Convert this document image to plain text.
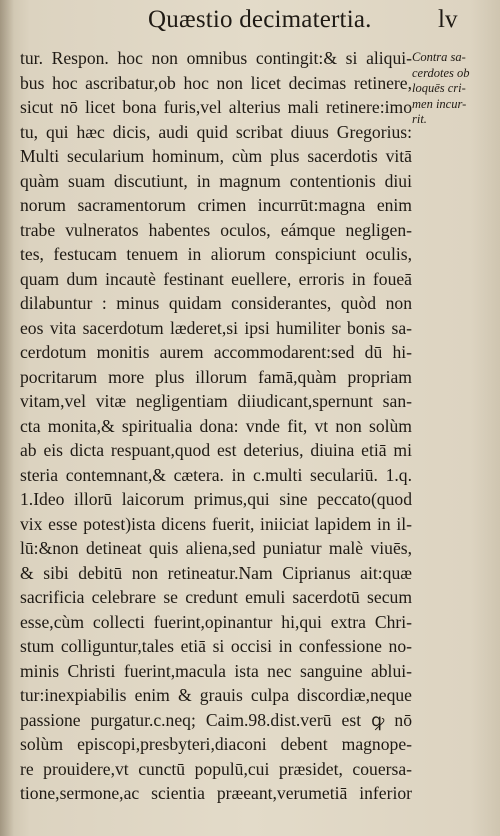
Quæstio decimatertia.	lv
tur. Respon. hoc non omnibus contingit:& si aliqui-
bus hoc ascribatur,ob hoc non licet decimas retinere,
sicut nō licet bona furis,vel alterius mali retinere:imo
tu, qui hæc dicis, audi quid scribat diuus Gregorius:
Multi secularium hominum, cùm plus sacerdotis vitā
quàm suam discutiunt, in magnum contentionis diui
norum sacramentorum crimen incurrūt:magna enim
trabe vulneratos habentes oculos, eámque negligen-
tes, festucam tenuem in aliorum conspiciunt oculis,
quam dum incautè festinant euellere, erroris in foueā
dilabuntur : minus quidam considerantes, quòd non
eos vita sacerdotum læderet,si ipsi humiliter bonis sa-
cerdotum monitis aurem accommodarent:sed dū hi-
pocritarum more plus illorum famā,quàm propriam
vitam,vel vitæ negligentiam diiudicant,spernunt san-
cta monita,& spiritualia dona: vnde fit, vt non solùm
ab eis dicta respuant,quod est deterius, diuina etiā mi
steria contemnant,& cætera. in c.multi seculariū. 1.q.
1.Ideo illorū laicorum primus,qui sine peccato(quod
vix esse potest)ista dicens fuerit, iniiciat lapidem in il-
lū:&non detineat quis aliena,sed puniatur malè viuēs,
& sibi debitū non retineatur.Nam Ciprianus ait:quæ
sacrificia celebrare se credunt emuli sacerdotū secum
esse,cùm collecti fuerint,opinantur hi,qui extra Chri-
stum colliguntur,tales etiā si occisi in confessione no-
minis Christi fuerint,macula ista nec sanguine ablui-
tur:inexpiabilis enim & grauis culpa discordiæ,neque
passione purgatur.c.neq; Caim.98.dist.verū est ꝙ nō
solùm episcopi,presbyteri,diaconi debent magnope-
re prouidere,vt cunctū populū,cui præsidet, couersa-
tione,sermone,ac scientia præeant,verumetiā inferior
Contra sa-
cerdotes ob
loquēs cri-
men incur-
rit.
